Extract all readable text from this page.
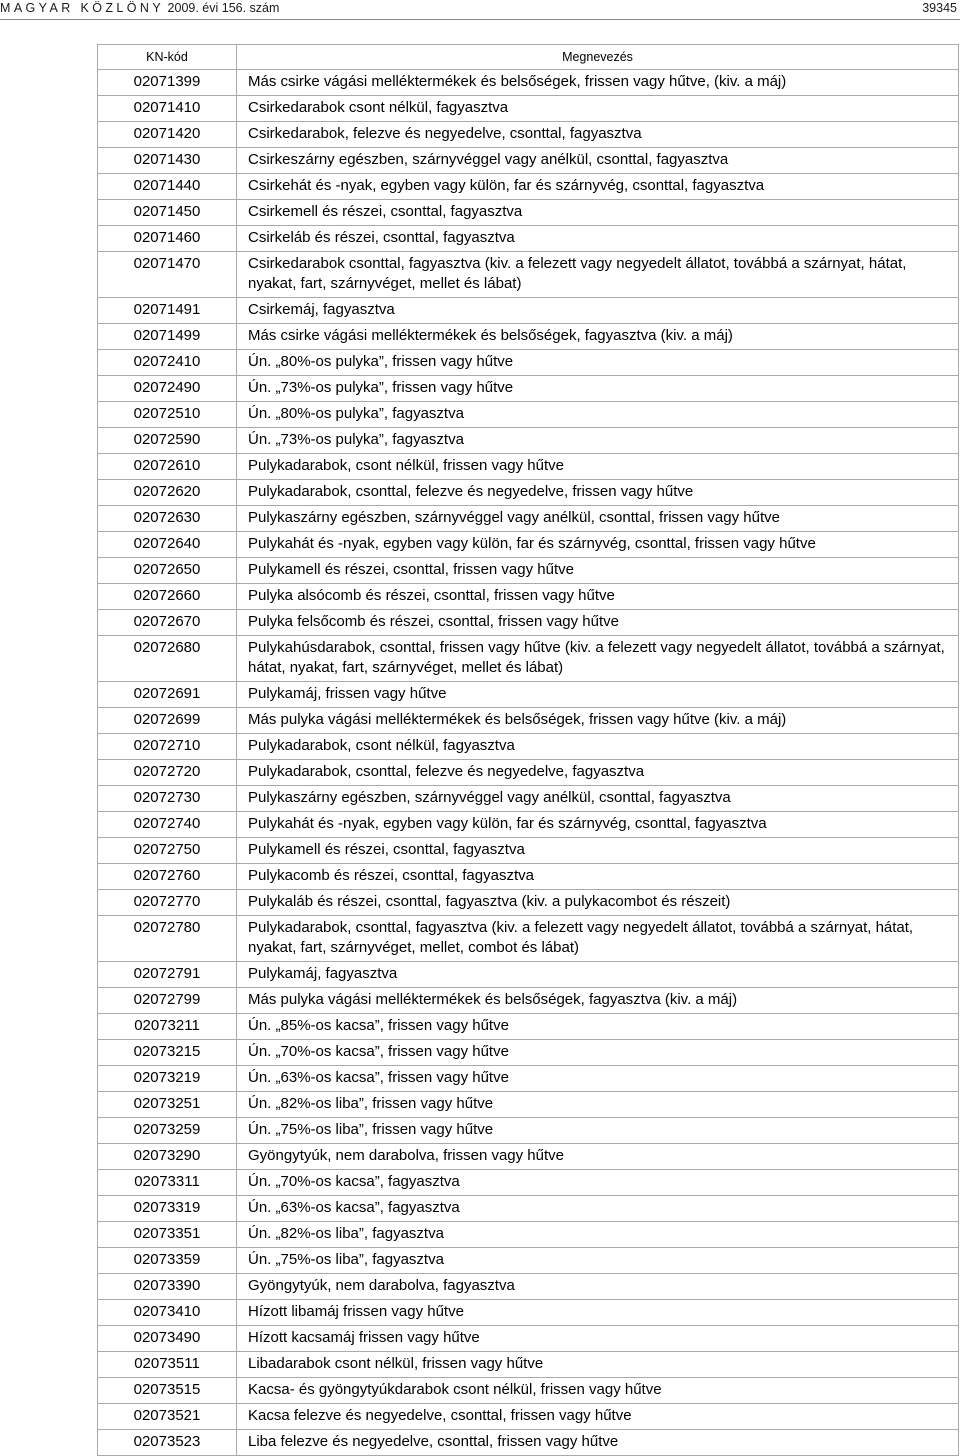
MAGYAR KÖZLÖNY 2009. évi 156. szám	39345
KN-kód	Megnevezés
02071399	Más csirke vágási melléktermékek és belsőségek, frissen vagy hűtve, (kiv. a máj)
02071410	Csirkedarabok csont nélkül, fagyasztva
02071420	Csirkedarabok, felezve és negyedelve, csonttal, fagyasztva
02071430	Csirkeszárny egészben, szárnyvéggel vagy anélkül, csonttal, fagyasztva
02071440	Csirkehát és -nyak, egyben vagy külön, far és szárnyvég, csonttal, fagyasztva
02071450	Csirkemell és részei, csonttal, fagyasztva
02071460	Csirkeláb és részei, csonttal, fagyasztva
02071470	Csirkedarabok csonttal, fagyasztva (kiv. a felezett vagy negyedelt állatot, továbbá a szárnyat, hátat, nyakat, fart, szárnyvéget, mellet és lábat)
02071491	Csirkemáj, fagyasztva
02071499	Más csirke vágási melléktermékek és belsőségek, fagyasztva (kiv. a máj)
02072410	Ún. „80%-os pulyka”, frissen vagy hűtve
02072490	Ún. „73%-os pulyka”, frissen vagy hűtve
02072510	Ún. „80%-os pulyka”, fagyasztva
02072590	Ún. „73%-os pulyka”, fagyasztva
02072610	Pulykadarabok, csont nélkül, frissen vagy hűtve
02072620	Pulykadarabok, csonttal, felezve és negyedelve, frissen vagy hűtve
02072630	Pulykaszárny egészben, szárnyvéggel vagy anélkül, csonttal, frissen vagy hűtve
02072640	Pulykahát és -nyak, egyben vagy külön, far és szárnyvég, csonttal, frissen vagy hűtve
02072650	Pulykamell és részei, csonttal, frissen vagy hűtve
02072660	Pulyka alsócomb és részei, csonttal, frissen vagy hűtve
02072670	Pulyka felsőcomb és részei, csonttal, frissen vagy hűtve
02072680	Pulykahúsdarabok, csonttal, frissen vagy hűtve (kiv. a felezett vagy negyedelt állatot, továbbá a szárnyat, hátat, nyakat, fart, szárnyvéget, mellet és lábat)
02072691	Pulykamáj, frissen vagy hűtve
02072699	Más pulyka vágási melléktermékek és belsőségek, frissen vagy hűtve (kiv. a máj)
02072710	Pulykadarabok, csont nélkül, fagyasztva
02072720	Pulykadarabok, csonttal, felezve és negyedelve, fagyasztva
02072730	Pulykaszárny egészben, szárnyvéggel vagy anélkül, csonttal, fagyasztva
02072740	Pulykahát és -nyak, egyben vagy külön, far és szárnyvég, csonttal, fagyasztva
02072750	Pulykamell és részei, csonttal, fagyasztva
02072760	Pulykacomb és részei, csonttal, fagyasztva
02072770	Pulykaláb és részei, csonttal, fagyasztva (kiv. a pulykacombot és részeit)
02072780	Pulykadarabok, csonttal, fagyasztva (kiv. a felezett vagy negyedelt állatot, továbbá a szárnyat, hátat, nyakat, fart, szárnyvéget, mellet, combot és lábat)
02072791	Pulykamáj, fagyasztva
02072799	Más pulyka vágási melléktermékek és belsőségek, fagyasztva (kiv. a máj)
02073211	Ún. „85%-os kacsa”, frissen vagy hűtve
02073215	Ún. „70%-os kacsa”, frissen vagy hűtve
02073219	Ún. „63%-os kacsa”, frissen vagy hűtve
02073251	Ún. „82%-os liba”, frissen vagy hűtve
02073259	Ún. „75%-os liba”, frissen vagy hűtve
02073290	Gyöngytyúk, nem darabolva, frissen vagy hűtve
02073311	Ún. „70%-os kacsa”, fagyasztva
02073319	Ún. „63%-os kacsa”, fagyasztva
02073351	Ún. „82%-os liba”, fagyasztva
02073359	Ún. „75%-os liba”, fagyasztva
02073390	Gyöngytyúk, nem darabolva, fagyasztva
02073410	Hízott libamáj frissen vagy hűtve
02073490	Hízott kacsamáj frissen vagy hűtve
02073511	Libadarabok csont nélkül, frissen vagy hűtve
02073515	Kacsa- és gyöngytyúkdarabok csont nélkül, frissen vagy hűtve
02073521	Kacsa felezve és negyedelve, csonttal, frissen vagy hűtve
02073523	Liba felezve és negyedelve, csonttal, frissen vagy hűtve
